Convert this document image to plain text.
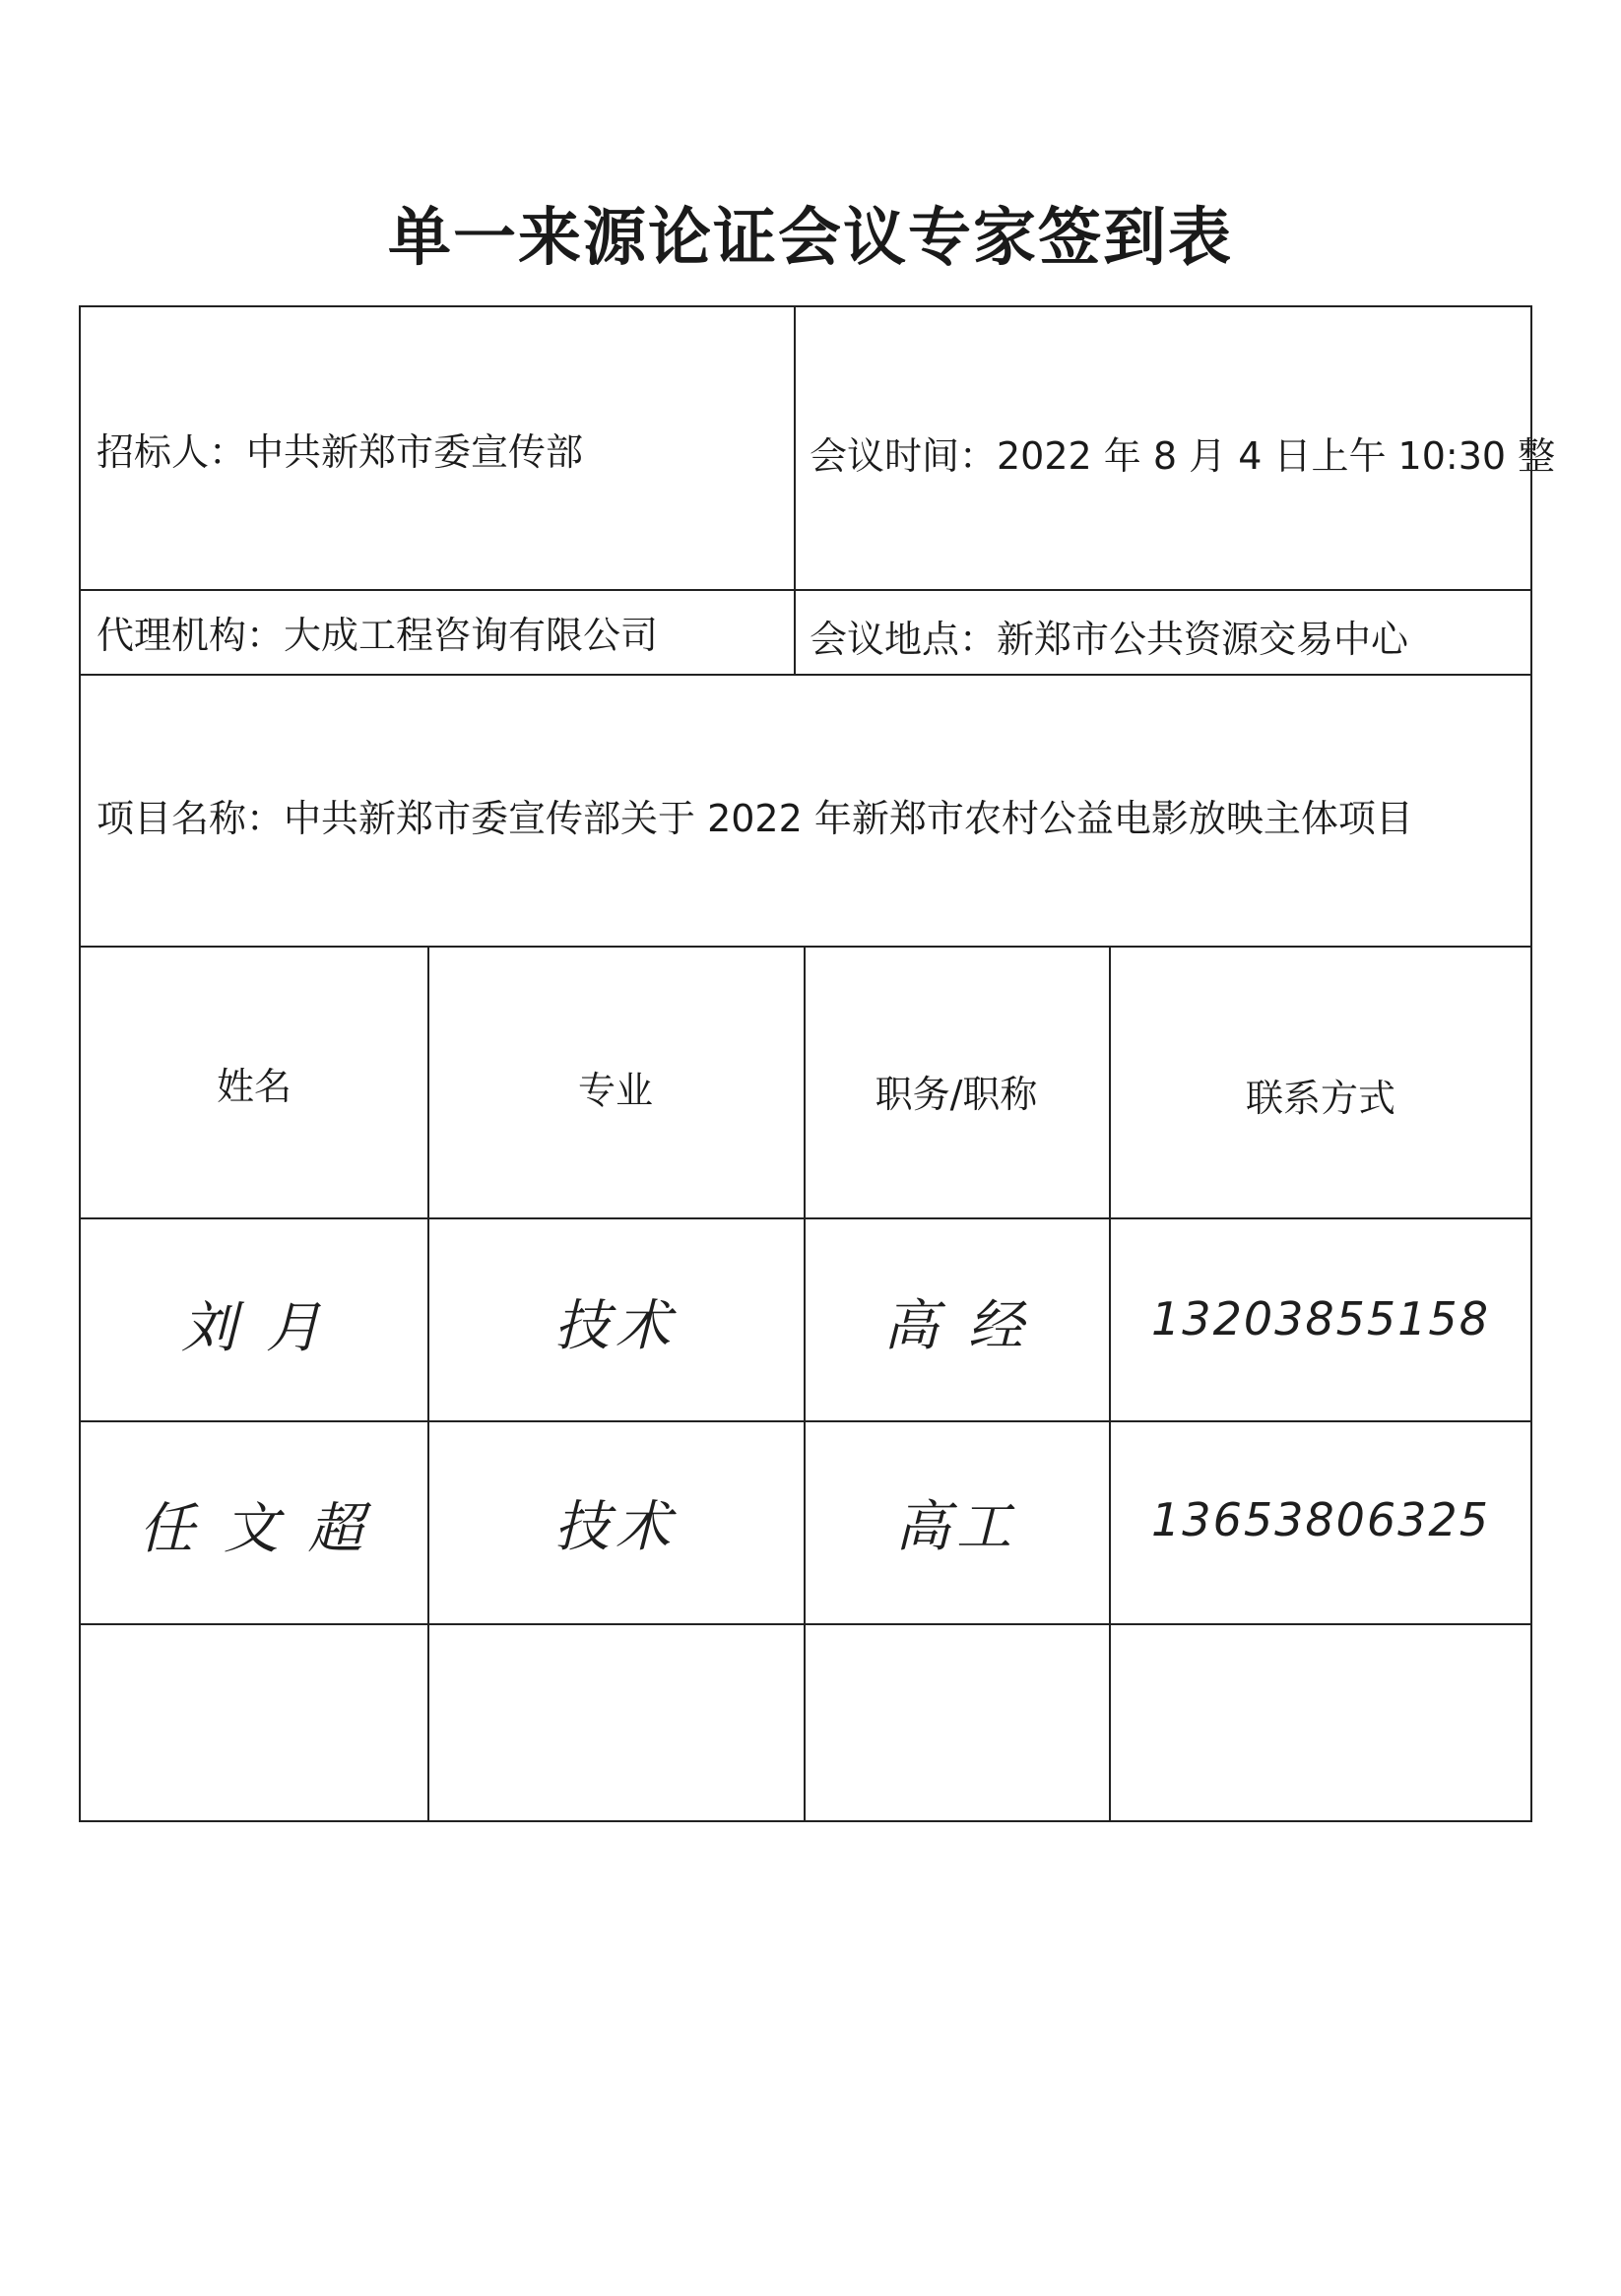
单一来源论证会议专家签到表
招标人：中共新郑市委宣传部	会议时间：2022 年 8 月 4 日上午 10:30 整
代理机构：大成工程咨询有限公司	会议地点：新郑市公共资源交易中心
项目名称：中共新郑市委宣传部关于 2022 年新郑市农村公益电影放映主体项目
姓名	专业	职务/职称	联系方式
刘 月	技术	高 经	13203855158
任 文 超	技术	高工	13653806325
